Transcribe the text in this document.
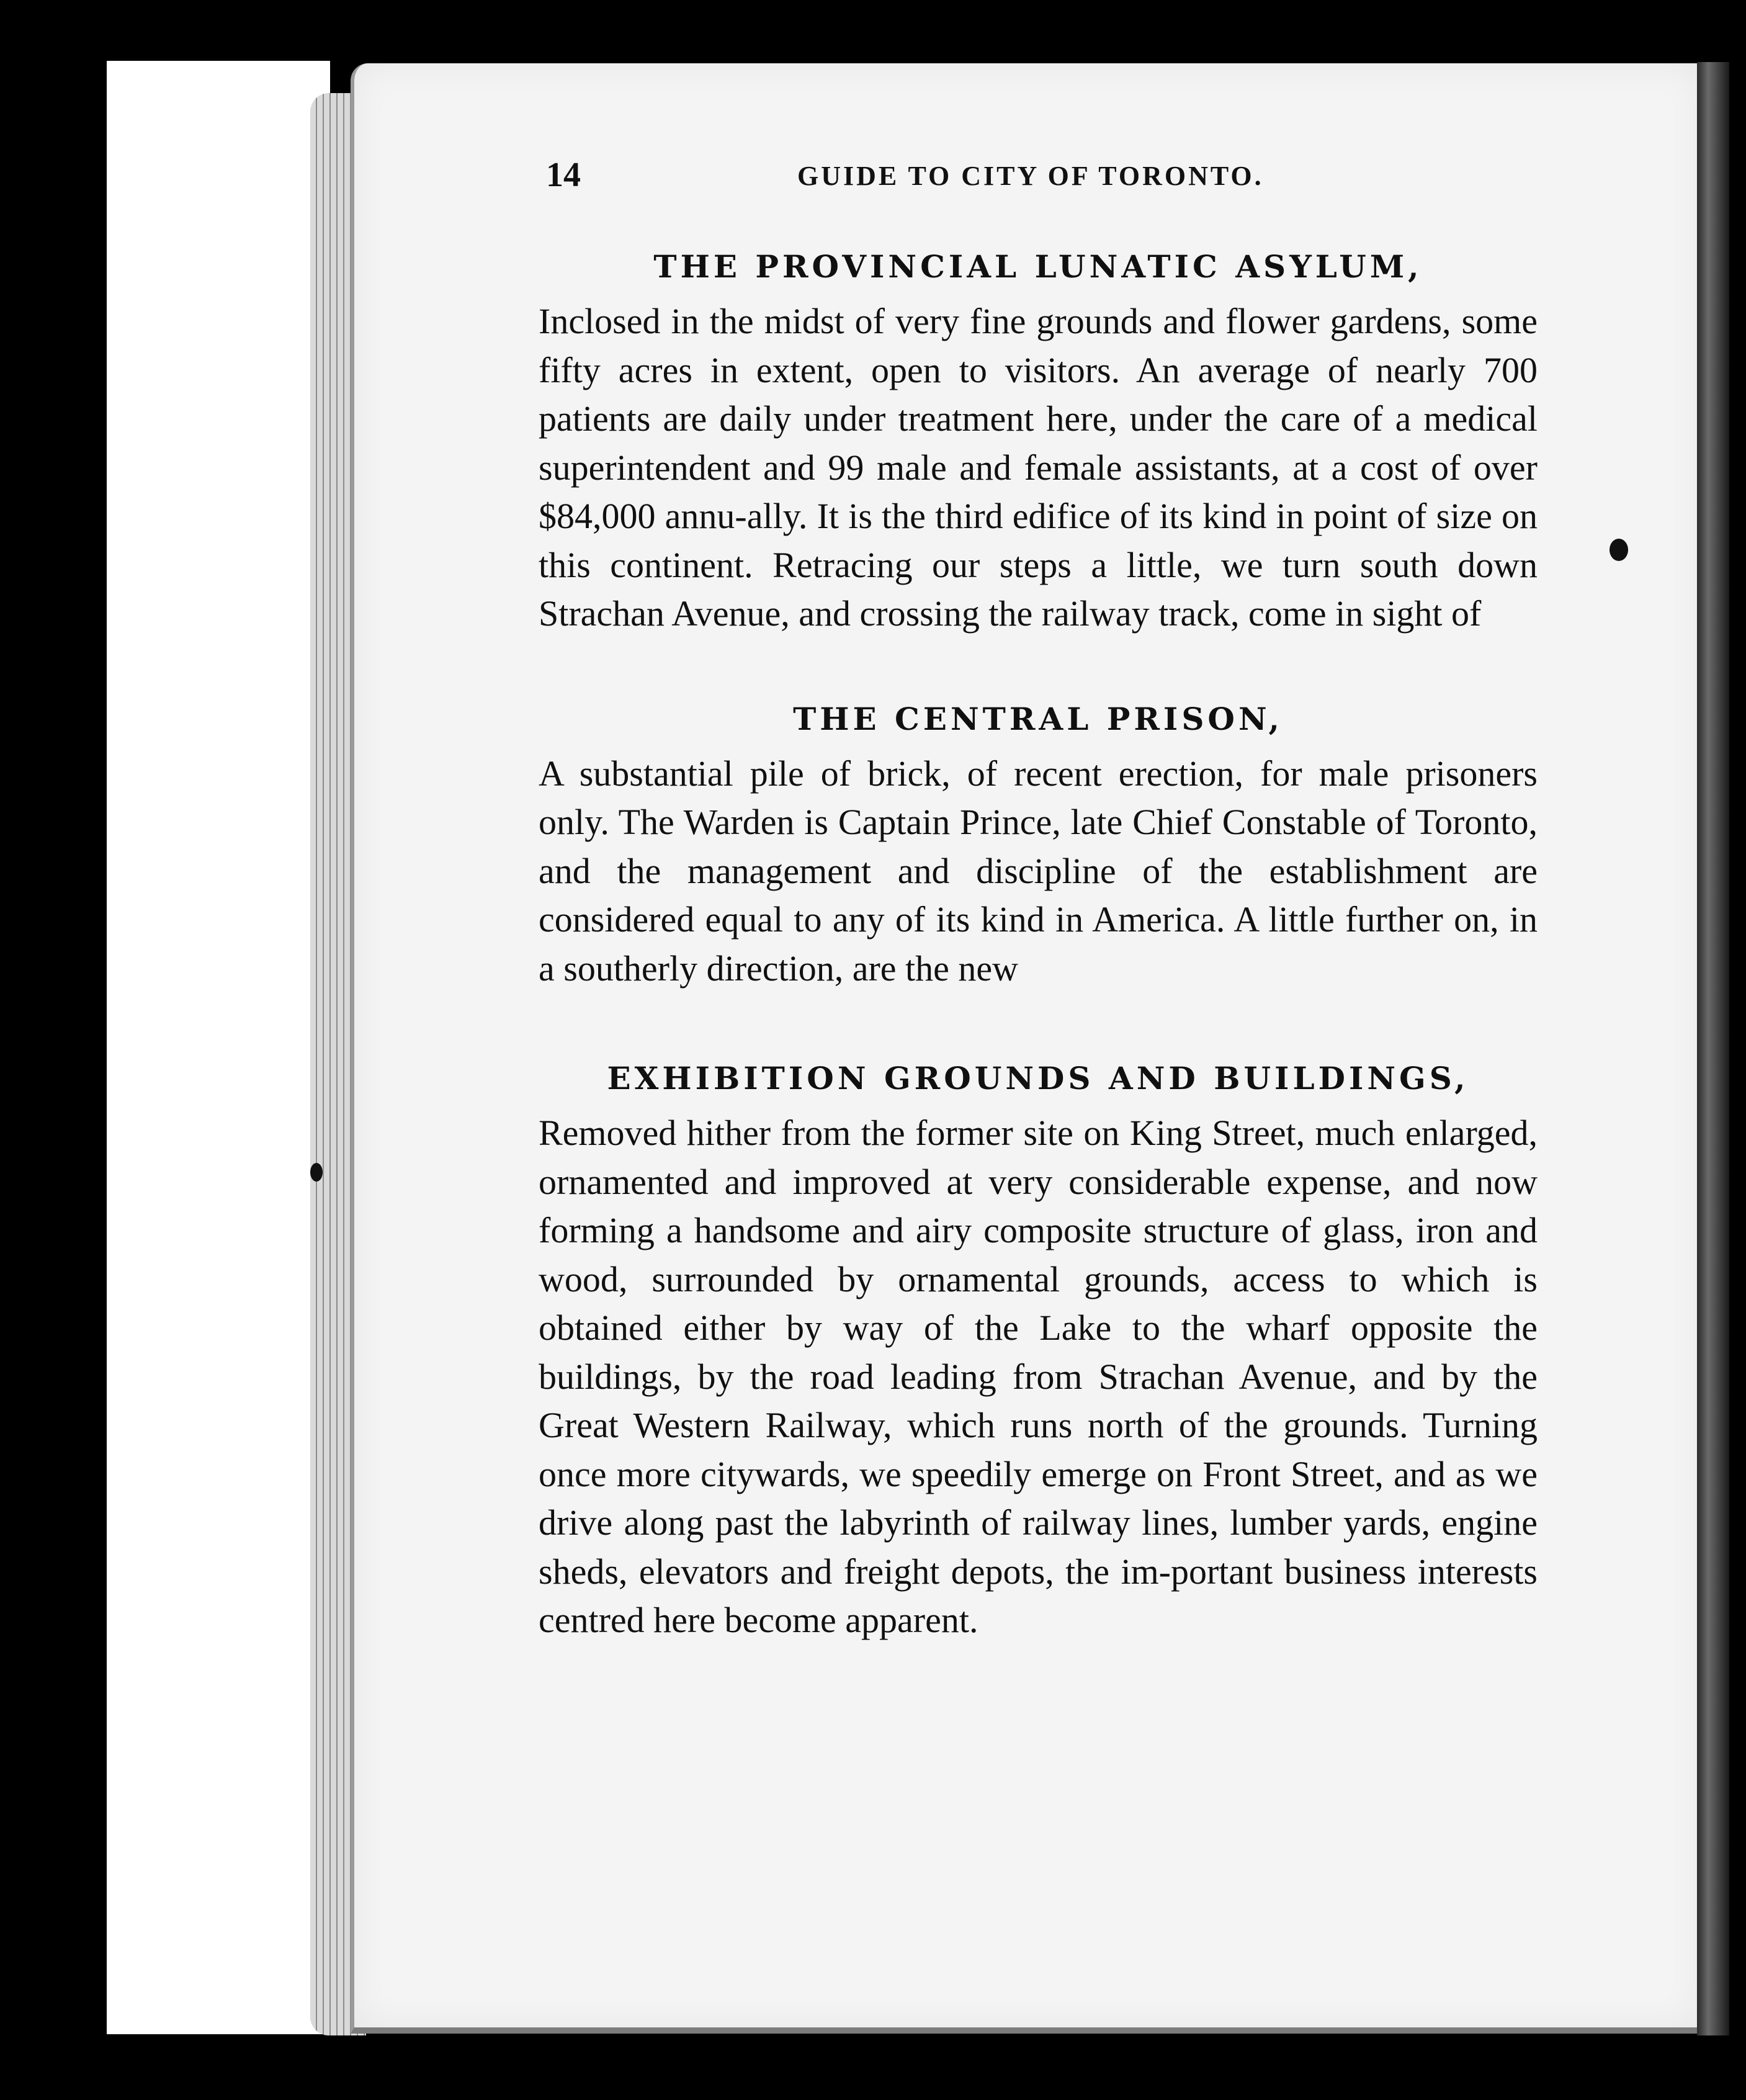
14	GUIDE TO CITY OF TORONTO.
THE PROVINCIAL LUNATIC ASYLUM,

Inclosed in the midst of very fine grounds and flower gardens, some fifty acres in extent, open to visitors. An average of nearly 700 patients are daily under treatment here, under the care of a medical superintendent and 99 male and female assistants, at a cost of over $84,000 annu-ally. It is the third edifice of its kind in point of size on this continent. Retracing our steps a little, we turn south down Strachan Avenue, and crossing the railway track, come in sight of

THE CENTRAL PRISON,

A substantial pile of brick, of recent erection, for male prisoners only. The Warden is Captain Prince, late Chief Constable of Toronto, and the management and discipline of the establishment are considered equal to any of its kind in America. A little further on, in a southerly direction, are the new

EXHIBITION GROUNDS AND BUILDINGS,

Removed hither from the former site on King Street, much enlarged, ornamented and improved at very considerable expense, and now forming a handsome and airy composite structure of glass, iron and wood, surrounded by ornamental grounds, access to which is obtained either by way of the Lake to the wharf opposite the buildings, by the road leading from Strachan Avenue, and by the Great Western Railway, which runs north of the grounds. Turning once more citywards, we speedily emerge on Front Street, and as we drive along past the labyrinth of railway lines, lumber yards, engine sheds, elevators and freight depots, the im-portant business interests centred here become apparent.
